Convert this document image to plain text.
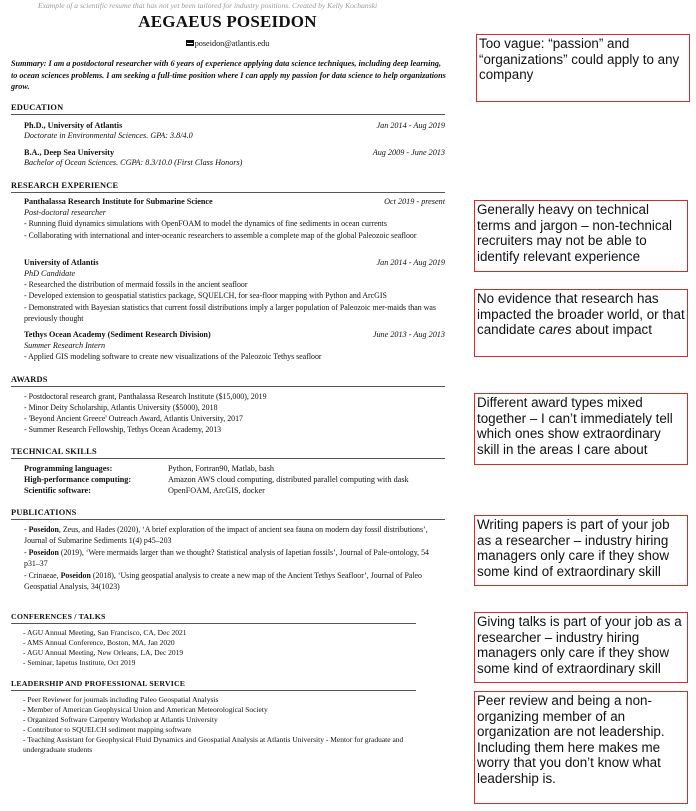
Example of a scientific resume that has not yet been tailored for industry positions. Created by Kelly Kochanski
AEGAEUS POSEIDON
poseidon@atlantis.edu
Summary: I am a postdoctoral researcher with 6 years of experience applying data science techniques, including deep learning, to ocean sciences problems. I am seeking a full-time position where I can apply my passion for data science to help organizations grow.
EDUCATION
Ph.D., University of Atlantis	Jan 2014 - Aug 2019
Doctorate in Environmental Sciences. GPA: 3.8/4.0
B.A., Deep Sea University	Aug 2009 - June 2013
Bachelor of Ocean Sciences. CGPA: 8.3/10.0 (First Class Honors)
RESEARCH EXPERIENCE
Panthalassa Research Institute for Submarine Science	Oct 2019 - present
Post-doctoral researcher
- Running fluid dynamics simulations with OpenFOAM to model the dynamics of fine sediments in ocean currents
- Collaborating with international and inter-oceanic researchers to assemble a complete map of the global Paleozoic seafloor
University of Atlantis	Jan 2014 - Aug 2019
PhD Candidate
- Researched the distribution of mermaid fossils in the ancient seafloor
- Developed extension to geospatial statistics package, SQUELCH, for sea-floor mapping with Python and ArcGIS
- Demonstrated with Bayesian statistics that current fossil distributions imply a larger population of Paleozoic mer-maids than was previously thought
Tethys Ocean Academy (Sediment Research Division)	June 2013 - Aug 2013
Summer Research Intern
- Applied GIS modeling software to create new visualizations of the Paleozoic Tethys seafloor
AWARDS
- Postdoctoral research grant, Panthalassa Research Institute ($15,000), 2019
- Minor Deity Scholarship, Atlantis University ($5000), 2018
- 'Beyond Ancient Greece' Outreach Award, Atlantis University, 2017
- Summer Research Fellowship, Tethys Ocean Academy, 2013
TECHNICAL SKILLS
Programming languages:	Python, Fortran90, Matlab, bash
High-performance computing:	Amazon AWS cloud computing, distributed parallel computing with dask
Scientific software:	OpenFOAM, ArcGIS, docker
PUBLICATIONS
- Poseidon, Zeus, and Hades (2020), ‘A brief exploration of the impact of ancient sea fauna on modern day fossil distributions’, Journal of Submarine Sediments 1(4) p45–203
- Poseidon (2019), ‘Were mermaids larger than we thought? Statistical analysis of Iapetian fossils’, Journal of Pale-ontology, 54 p31–37
- Crinaeae, Poseidon (2018), ‘Using geospatial analysis to create a new map of the Ancient Tethys Seafloor’, Journal of Paleo Geospatial Analysis, 34(1023)
CONFERENCES / TALKS
- AGU Annual Meeting, San Francisco, CA, Dec 2021
- AMS Annual Conference, Boston, MA, Jan 2020
- AGU Annual Meeting, New Orleans, LA, Dec 2019
- Seminar, Iapetus Institute, Oct 2019
LEADERSHIP AND PROFESSIONAL SERVICE
- Peer Reviewer for journals including Paleo Geospatial Analysis
- Member of American Geophysical Union and American Meteorological Society
- Organized Software Carpentry Workshop at Atlantis University
- Contributor to SQUELCH sediment mapping software
- Teaching Assistant for Geophysical Fluid Dynamics and Geospatial Analysis at Atlantis University - Mentor for graduate and undergraduate students
Too vague: “passion” and “organizations” could apply to any company
Generally heavy on technical terms and jargon – non-technical recruiters may not be able to identify relevant experience
No evidence that research has impacted the broader world, or that candidate cares about impact
Different award types mixed together – I can’t immediately tell which ones show extraordinary skill in the areas I care about
Writing papers is part of your job as a researcher – industry hiring managers only care if they show some kind of extraordinary skill
Giving talks is part of your job as a researcher – industry hiring managers only care if they show some kind of extraordinary skill
Peer review and being a non-organizing member of an organization are not leadership. Including them here makes me worry that you don’t know what leadership is.
